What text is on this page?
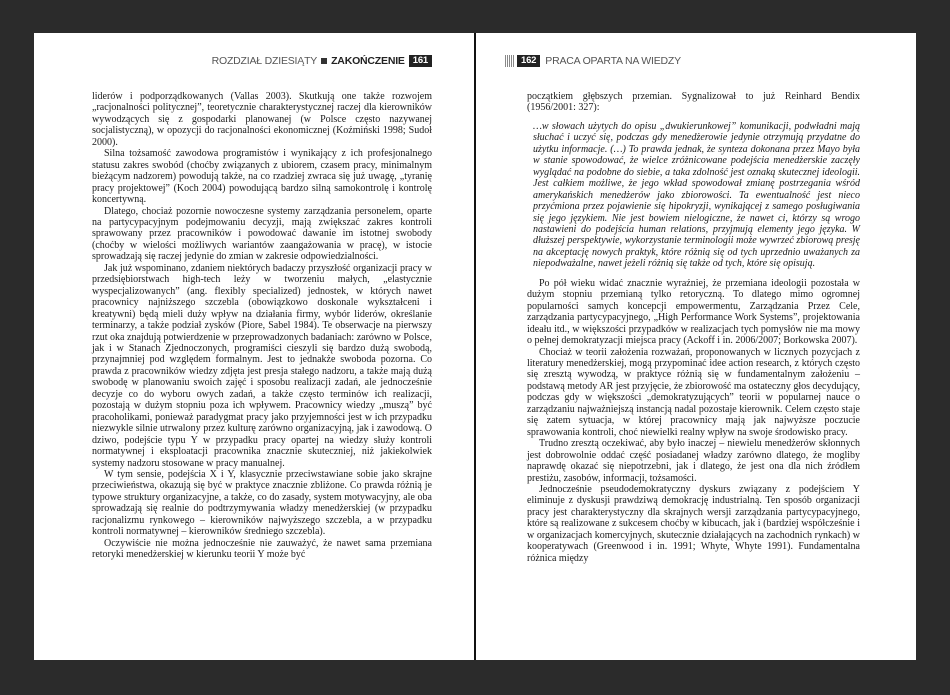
ROZDZIAŁ DZIESIĄTY ZAKOŃCZENIE 161

liderów i podporządkowanych (Vallas 2003). Skutkują one także rozwojem „racjonalności politycznej”, teoretycznie charakterystycznej raczej dla kierowników wywodzących się z gospodarki planowanej (w Polsce często nazywanej socjalistyczną), w opozycji do racjonalności ekonomicznej (Koźmiński 1998; Sudoł 2000).

Silna tożsamość zawodowa programistów i wynikający z ich profesjonalnego statusu zakres swobód (choćby związanych z ubiorem, czasem pracy, minimalnym bieżącym nadzorem) powodują także, na co rzadziej zwraca się już uwagę, „tyranię pracy projektowej” (Koch 2004) powodującą bardzo silną samokontrolę i kontrolę koncertywną.

Dlatego, chociaż pozornie nowoczesne systemy zarządzania personelem, oparte na partycypacyjnym podejmowaniu decyzji, mają zwiększać zakres kontroli sprawowany przez pracowników i powodować dawanie im istotnej swobody (choćby w wielości możliwych wariantów zaangażowania w pracę), w istocie sprowadzają się raczej jedynie do zmian w zakresie odpowiedzialności.

Jak już wspominano, zdaniem niektórych badaczy przyszłość organizacji pracy w przedsiębiorstwach high-tech leży w tworzeniu małych, „elastycznie wyspecjalizowanych” (ang. flexibly specialized) jednostek, w których nawet pracownicy najniższego szczebla (obowiązkowo doskonale wykształceni i kreatywni) będą mieli duży wpływ na działania firmy, wybór liderów, określanie terminarzy, a także podział zysków (Piore, Sabel 1984). Te obserwacje na pierwszy rzut oka znajdują potwierdzenie w przeprowadzonych badaniach: zarówno w Polsce, jak i w Stanach Zjednoczonych, programiści cieszyli się bardzo dużą swobodą, przynajmniej pod względem formalnym. Jest to jednakże swoboda pozorna. Co prawda z pracowników wiedzy zdjęta jest presja stałego nadzoru, a także mają dużą swobodę w planowaniu swoich zajęć i sposobu realizacji zadań, ale jednocześnie decyzje co do wyboru owych zadań, a także często terminów ich realizacji, pozostają w dużym stopniu poza ich wpływem. Pracownicy wiedzy „muszą” być pracoholikami, ponieważ paradygmat pracy jako przyjemności jest w ich przypadku niezwykle silnie utrwalony przez kulturę zarówno organizacyjną, jak i zawodową. O dziwo, podejście typu Y w przypadku pracy opartej na wiedzy służy kontroli normatywnej i eksploatacji pracownika znacznie skuteczniej, niż jakiekolwiek systemy nadzoru stosowane w pracy manualnej.

W tym sensie, podejścia X i Y, klasycznie przeciwstawiane sobie jako skrajne przeciwieństwa, okazują się być w praktyce znacznie zbliżone. Co prawda różnią je typowe struktury organizacyjne, a także, co do zasady, system motywacyjny, ale oba sprowadzają się realnie do podtrzymywania władzy menedżerskiej (w przypadku racjonalizmu rynkowego – kierowników najwyższego szczebla, a w przypadku kontroli normatywnej – kierowników średniego szczebla).

Oczywiście nie można jednocześnie nie zauważyć, że nawet sama przemiana retoryki menedżerskiej w kierunku teorii Y może być

162 PRACA OPARTA NA WIEDZY

początkiem głębszych przemian. Sygnalizował to już Reinhard Bendix (1956/2001: 327):

…w słowach użytych do opisu „dwukierunkowej” komunikacji, podwładni mają słuchać i uczyć się, podczas gdy menedżerowie jedynie otrzymują przydatne do użytku informacje. (…) To prawda jednak, że synteza dokonana przez Mayo była w stanie spowodować, że wielce zróżnicowane podejścia menedżerskie zaczęły wyglądać na podobne do siebie, a taka zdolność jest oznaką skutecznej ideologii. Jest całkiem możliwe, że jego wkład spowodował zmianę postrzegania wśród amerykańskich menedżerów jako zbiorowości. Ta ewentualność jest nieco przyćmiona przez pojawienie się hipokryzji, wynikającej z samego posługiwania się jego językiem. Nie jest bowiem nielogiczne, że nawet ci, którzy są wrogo nastawieni do podejścia human relations, przyjmują elementy jego języka. W dłuższej perspektywie, wykorzystanie terminologii może wywrzeć zbiorową presję na akceptację nowych praktyk, które różnią się od tych uprzednio uważanych za niepodważalne, nawet jeżeli różnią się także od tych, które się opisują.

Po pół wieku widać znacznie wyraźniej, że przemiana ideologii pozostała w dużym stopniu przemianą tylko retoryczną. To dlatego mimo ogromnej popularności samych koncepcji empowermentu, Zarządzania Przez Cele, zarządzania partycypacyjnego, „High Performance Work Systems”, projektowania ideału itd., w większości przypadków w realizacjach tych pomysłów nie ma mowy o pełnej demokratyzacji miejsca pracy (Ackoff i in. 2006/2007; Borkowska 2007).

Chociaż w teorii założenia rozważań, proponowanych w licznych pozycjach z literatury menedżerskiej, mogą przypominać idee action research, z których często się zresztą wywodzą, w praktyce różnią się w fundamentalnym założeniu – podstawą metody AR jest przyjęcie, że zbiorowość ma ostateczny głos decydujący, podczas gdy w większości „demokratyzujących” teorii w popularnej nauce o zarządzaniu najważniejszą instancją nadal pozostaje kierownik. Celem często staje się zatem sytuacja, w której pracownicy mają jak najwyższe poczucie sprawowania kontroli, choć niewielki realny wpływ na swoje środowisko pracy.

Trudno zresztą oczekiwać, aby było inaczej – niewielu menedżerów skłonnych jest dobrowolnie oddać część posiadanej władzy zarówno dlatego, że mogliby naprawdę okazać się niepotrzebni, jak i dlatego, że jest ona dla nich źródłem prestiżu, zasobów, informacji, tożsamości.

Jednocześnie pseudodemokratyczny dyskurs związany z podejściem Y eliminuje z dyskusji prawdziwą demokrację industrialną. Ten sposób organizacji pracy jest charakterystyczny dla skrajnych wersji zarządzania partycypacyjnego, które są realizowane z sukcesem choćby w kibucach, jak i (bardziej współcześnie i w organizacjach komercyjnych, skutecznie działających na zachodnich rynkach) w kooperatywach (Greenwood i in. 1991; Whyte, Whyte 1991). Fundamentalna różnica między
